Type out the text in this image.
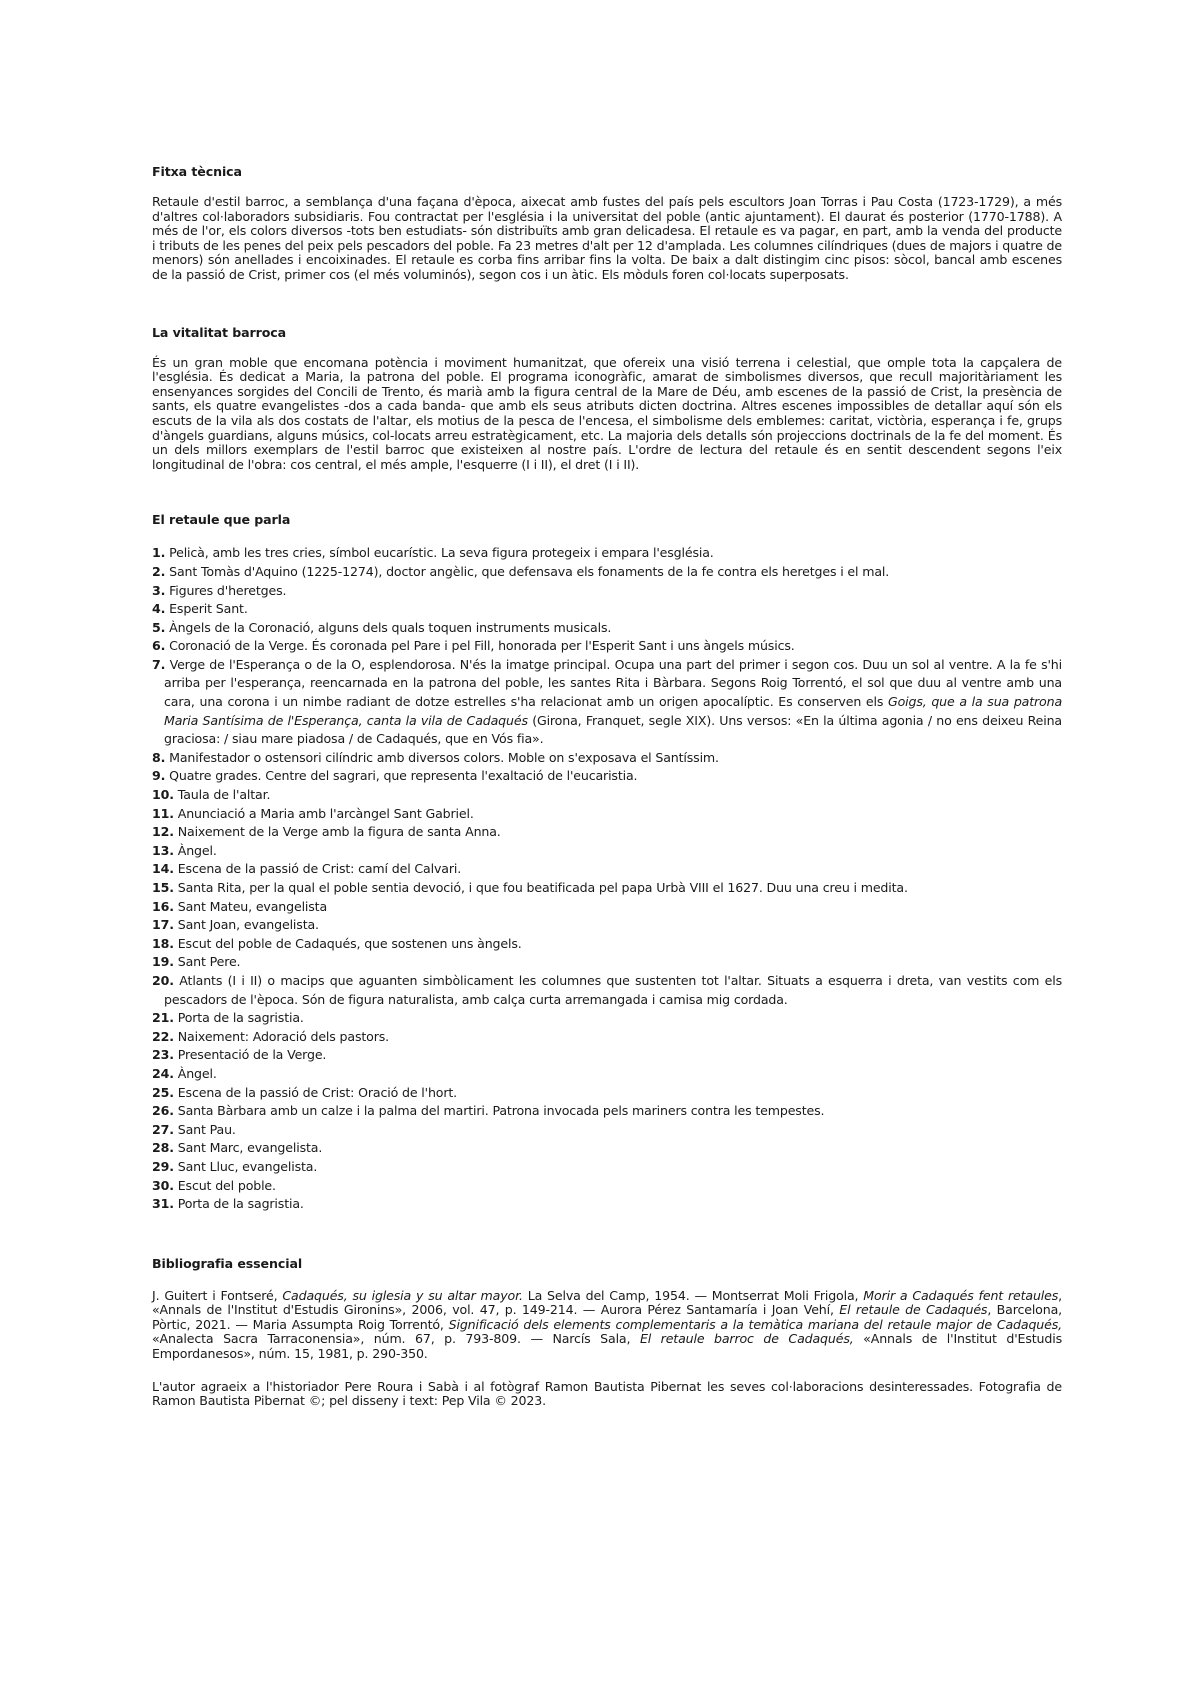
Fitxa tècnica

Retaule d'estil barroc, a semblança d'una façana d'època, aixecat amb fustes del país pels escultors Joan Torras i Pau Costa (1723-1729), a més d'altres col·laboradors subsidiaris. Fou contractat per l'església i la universitat del poble (antic ajuntament). El daurat és posterior (1770-1788). A més de l'or, els colors diversos -tots ben estudiats- són distribuïts amb gran delicadesa. El retaule es va pagar, en part, amb la venda del producte i tributs de les penes del peix pels pescadors del poble. Fa 23 metres d'alt per 12 d'amplada. Les columnes cilíndriques (dues de majors i quatre de menors) són anellades i encoixinades. El retaule es corba fins arribar fins la volta. De baix a dalt distingim cinc pisos: sòcol, bancal amb escenes de la passió de Crist, primer cos (el més voluminós), segon cos i un àtic. Els mòduls foren col·locats superposats.

La vitalitat barroca

És un gran moble que encomana potència i moviment humanitzat, que ofereix una visió terrena i celestial, que omple tota la capçalera de l'església. És dedicat a Maria, la patrona del poble. El programa iconogràfic, amarat de simbolismes diversos, que recull majoritàriament les ensenyances sorgides del Concili de Trento, és marià amb la figura central de la Mare de Déu, amb escenes de la passió de Crist, la presència de sants, els quatre evangelistes -dos a cada banda- que amb els seus atributs dicten doctrina. Altres escenes impossibles de detallar aquí són els escuts de la vila als dos costats de l'altar, els motius de la pesca de l'encesa, el simbolisme dels emblemes: caritat, victòria, esperança i fe, grups d'àngels guardians, alguns músics, col-locats arreu estratègicament, etc. La majoria dels detalls són projeccions doctrinals de la fe del moment. És un dels millors exemplars de l'estil barroc que existeixen al nostre país. L'ordre de lectura del retaule és en sentit descendent segons l'eix longitudinal de l'obra: cos central, el més ample, l'esquerre (I i II), el dret (I i II).

El retaule que parla
1. Pelicà, amb les tres cries, símbol eucarístic. La seva figura protegeix i empara l'església.
2. Sant Tomàs d'Aquino (1225-1274), doctor angèlic, que defensava els fonaments de la fe contra els heretges i el mal.
3. Figures d'heretges.
4. Esperit Sant.
5. Àngels de la Coronació, alguns dels quals toquen instruments musicals.
6. Coronació de la Verge. És coronada pel Pare i pel Fill, honorada per l'Esperit Sant i uns àngels músics.
7. Verge de l'Esperança o de la O, esplendorosa. N'és la imatge principal. Ocupa una part del primer i segon cos. Duu un sol al ventre. A la fe s'hi arriba per l'esperança, reencarnada en la patrona del poble, les santes Rita i Bàrbara. Segons Roig Torrentó, el sol que duu al ventre amb una cara, una corona i un nimbe radiant de dotze estrelles s'ha relacionat amb un origen apocalíptic. Es conserven els Goigs, que a la sua patrona Maria Santísima de l'Esperança, canta la vila de Cadaqués (Girona, Franquet, segle XIX). Uns versos: «En la última agonia / no ens deixeu Reina graciosa: / siau mare piadosa / de Cadaqués, que en Vós fia».
8. Manifestador o ostensori cilíndric amb diversos colors. Moble on s'exposava el Santíssim.
9. Quatre grades. Centre del sagrari, que representa l'exaltació de l'eucaristia.
10. Taula de l'altar.
11. Anunciació a Maria amb l'arcàngel Sant Gabriel.
12. Naixement de la Verge amb la figura de santa Anna.
13. Àngel.
14. Escena de la passió de Crist: camí del Calvari.
15. Santa Rita, per la qual el poble sentia devoció, i que fou beatificada pel papa Urbà VIII el 1627. Duu una creu i medita.
16. Sant Mateu, evangelista
17. Sant Joan, evangelista.
18. Escut del poble de Cadaqués, que sostenen uns àngels.
19. Sant Pere.
20. Atlants (I i II) o macips que aguanten simbòlicament les columnes que sustenten tot l'altar. Situats a esquerra i dreta, van vestits com els pescadors de l'època. Són de figura naturalista, amb calça curta arremangada i camisa mig cordada.
21. Porta de la sagristia.
22. Naixement: Adoració dels pastors.
23. Presentació de la Verge.
24. Àngel.
25. Escena de la passió de Crist: Oració de l'hort.
26. Santa Bàrbara amb un calze i la palma del martiri. Patrona invocada pels mariners contra les tempestes.
27. Sant Pau.
28. Sant Marc, evangelista.
29. Sant Lluc, evangelista.
30. Escut del poble.
31. Porta de la sagristia.
Bibliografia essencial

J. Guitert i Fontseré, Cadaqués, su iglesia y su altar mayor. La Selva del Camp, 1954. — Montserrat Moli Frigola, Morir a Cadaqués fent retaules, «Annals de l'Institut d'Estudis Gironins», 2006, vol. 47, p. 149-214. — Aurora Pérez Santamaría i Joan Vehí, El retaule de Cadaqués, Barcelona, Pòrtic, 2021. — Maria Assumpta Roig Torrentó, Significació dels elements complementaris a la temàtica mariana del retaule major de Cadaqués, «Analecta Sacra Tarraconensia», núm. 67, p. 793-809. — Narcís Sala, El retaule barroc de Cadaqués, «Annals de l'Institut d'Estudis Empordanesos», núm. 15, 1981, p. 290-350.

L'autor agraeix a l'historiador Pere Roura i Sabà i al fotògraf Ramon Bautista Pibernat les seves col·laboracions desinteressades. Fotografia de Ramon Bautista Pibernat ©; pel disseny i text: Pep Vila © 2023.
